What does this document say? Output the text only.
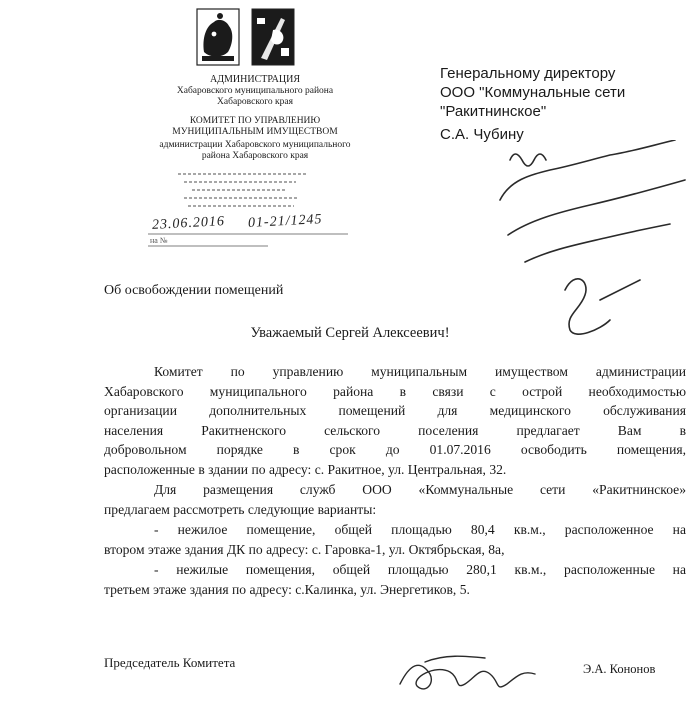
АДМИНИСТРАЦИЯ
Хабаровского муниципального района
Хабаровского края
КОМИТЕТ ПО УПРАВЛЕНИЮ
МУНИЦИПАЛЬНЫМ ИМУЩЕСТВОМ
администрации Хабаровского муниципального
района Хабаровского края
на №
23.06.2016 01-21/1245
Генеральному директору
ООО "Коммунальные сети
"Ракитнинское"
С.А. Чубину
Об освобождении помещений
Уважаемый Сергей Алексеевич!
Комитет по управлению муниципальным имуществом администрации
Хабаровского муниципального района в связи с острой необходимостью
организации дополнительных помещений для медицинского обслуживания
населения Ракитненского сельского поселения предлагает Вам в
добровольном порядке в срок до 01.07.2016 освободить помещения,
расположенные в здании по адресу: с. Ракитное, ул. Центральная, 32.
Для размещения служб ООО «Коммунальные сети «Ракитнинское»
предлагаем рассмотреть следующие варианты:
- нежилое помещение, общей площадью 80,4 кв.м., расположенное на
втором этаже здания ДК по адресу: с. Гаровка-1, ул. Октябрьская, 8а,
- нежилые помещения, общей площадью 280,1 кв.м., расположенные на
третьем этаже здания по адресу: с.Калинка, ул. Энергетиков, 5.
Председатель Комитета	Э.А. Кононов
